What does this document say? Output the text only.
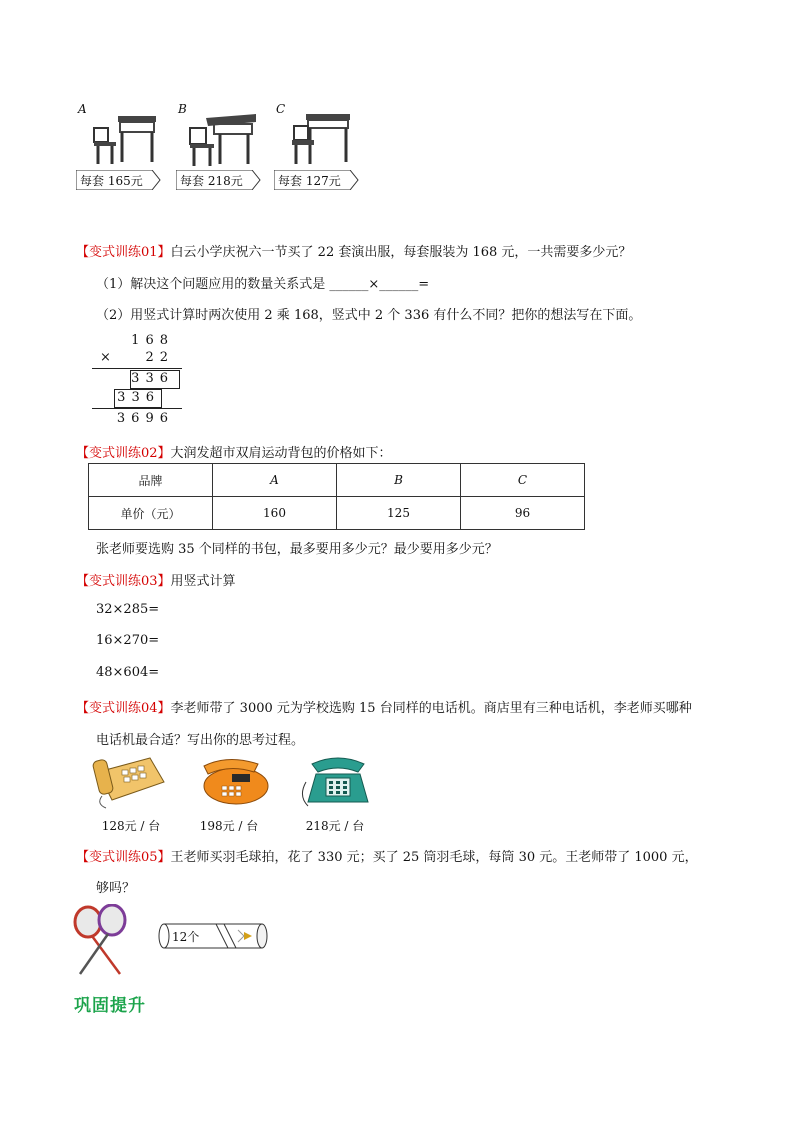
A
每套 165元
B
每套 218元
C
每套 127元
【变式训练01】白云小学庆祝六一节买了 22 套演出服，每套服装为 168 元，一共需要多少元？
（1）解决这个问题应用的数量关系式是 ______×______=
（2）用竖式计算时两次使用 2 乘 168，竖式中 2 个 336 有什么不同？把你的想法写在下面。
168
×	22
336
336
3696
【变式训练02】大润发超市双肩运动背包的价格如下：
品牌	A	B	C
单价（元）	160	125	96
张老师要选购 35 个同样的书包，最多要用多少元？最少要用多少元？
【变式训练03】用竖式计算
32×285=
16×270=
48×604=
【变式训练04】李老师带了 3000 元为学校选购 15 台同样的电话机。商店里有三种电话机，李老师买哪种
电话机最合适？写出你的思考过程。
128元 / 台	198元 / 台	218元 / 台
【变式训练05】王老师买羽毛球拍，花了 330 元；买了 25 筒羽毛球，每筒 30 元。王老师带了 1000 元，
够吗？
12个
巩固提升
